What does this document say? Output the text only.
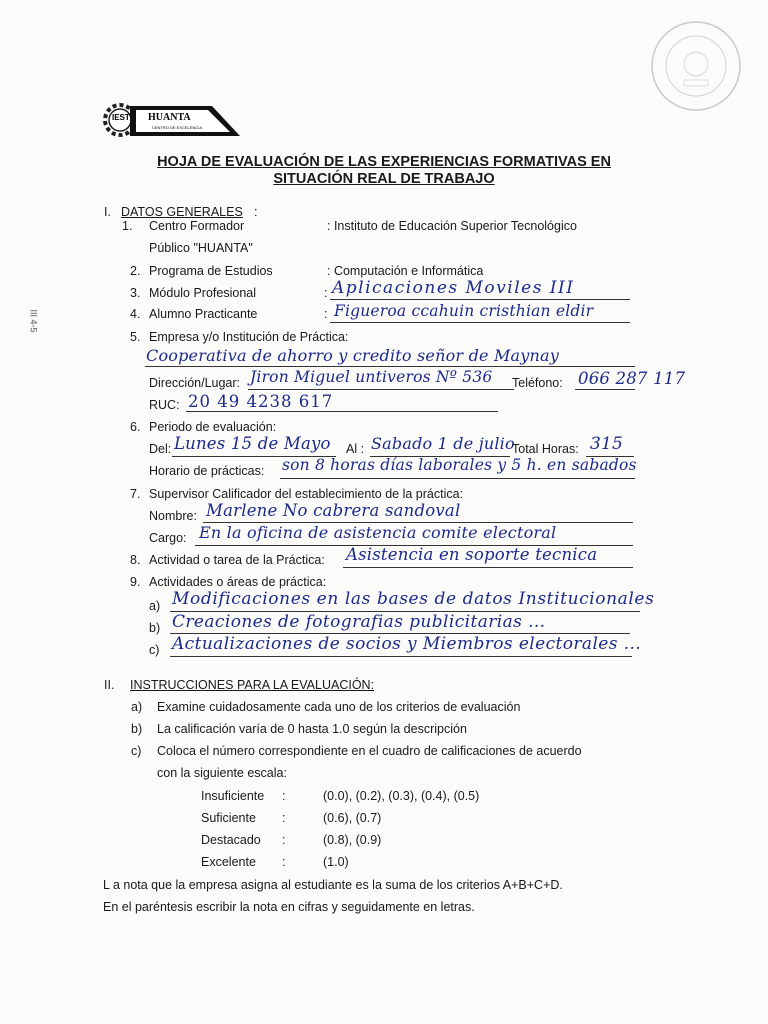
IEST HUANTA
CENTRO DE EXCELENCIA
III 4-5
HOJA DE EVALUACIÓN DE LAS EXPERIENCIAS FORMATIVAS EN
SITUACIÓN REAL DE TRABAJO
I. DATOS GENERALES :
1. Centro Formador	: Instituto de Educación Superior Tecnológico
Público "HUANTA"
2. Programa de Estudios	: Computación e Informática
3. Módulo Profesional	: Aplicaciones Moviles III
4. Alumno Practicante	: Figueroa ccahuin cristhian eldir
5. Empresa y/o Institución de Práctica:
Cooperativa de ahorro y credito señor de Maynay
Dirección/Lugar: Jiron Miguel untiveros Nº 536 Teléfono: 066 287 117
RUC: 20 49 4238 617
6. Periodo de evaluación:
Del: Lunes 15 de Mayo Al : Sabado 1 de julio
Total Horas: 315
Horario de prácticas: son 8 horas días laborales y 5 h. en sabados
7. Supervisor Calificador del establecimiento de la práctica:
Nombre: Marlene No cabrera sandoval
Cargo: En la oficina de asistencia comite electoral
8. Actividad o tarea de la Práctica: Asistencia en soporte tecnica
9. Actividades o áreas de práctica:
a) Modificaciones en las bases de datos Institucionales
b) Creaciones de fotografias publicitarias ...
c) Actualizaciones de socios y Miembros electorales ...
II. INSTRUCCIONES PARA LA EVALUACIÓN:
a) Examine cuidadosamente cada uno de los criterios de evaluación
b) La calificación varía de 0 hasta 1.0 según la descripción
c) Coloca el número correspondiente en el cuadro de calificaciones de acuerdo
con la siguiente escala:
Insuficiente :	(0.0), (0.2), (0.3), (0.4), (0.5)
Suficiente :	(0.6), (0.7)
Destacado :	(0.8), (0.9)
Excelente :	(1.0)
L a nota que la empresa asigna al estudiante es la suma de los criterios A+B+C+D.
En el paréntesis escribir la nota en cifras y seguidamente en letras.
